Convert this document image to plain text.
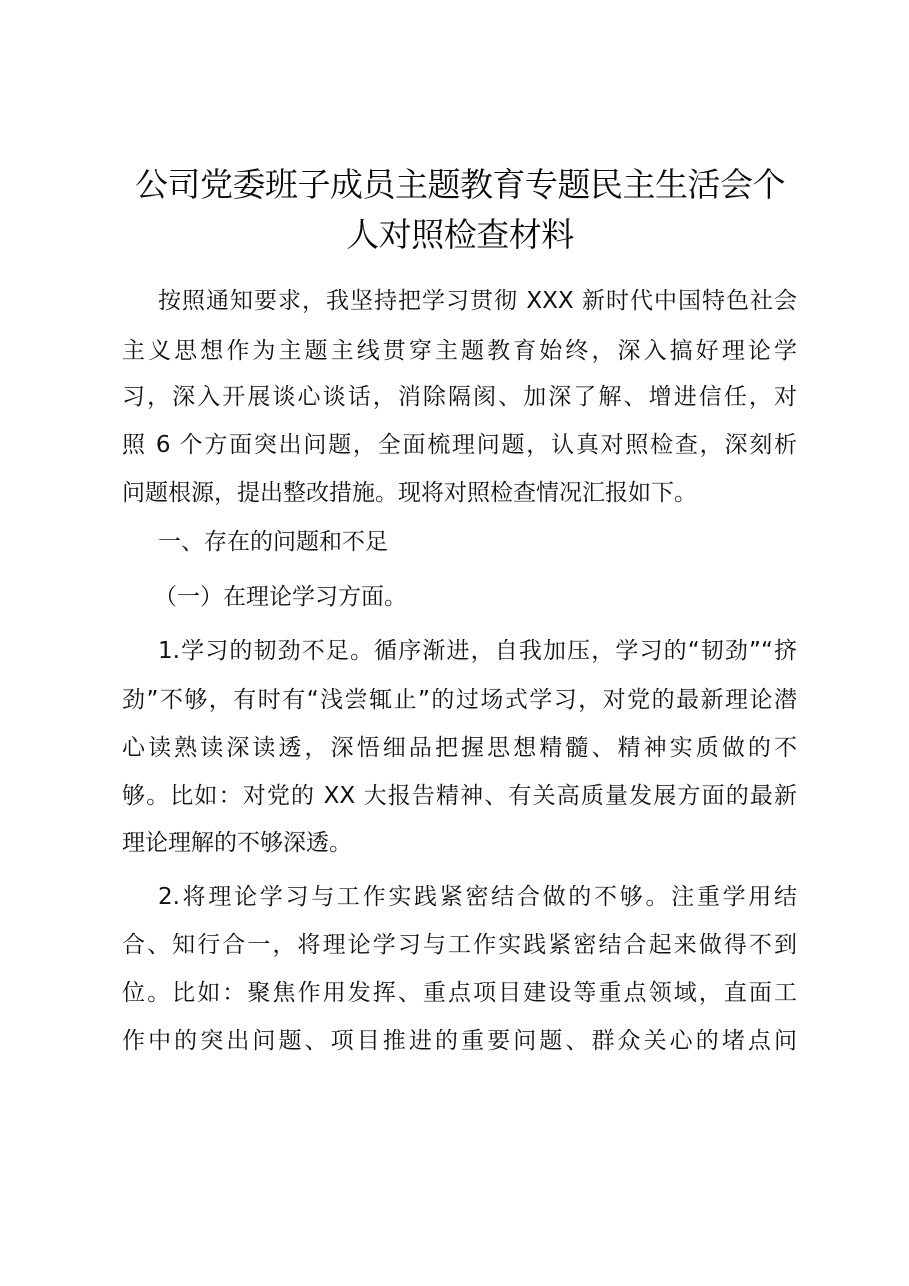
公司党委班子成员主题教育专题民主生活会个
人对照检查材料

按照通知要求，我坚持把学习贯彻 XXX 新时代中国特色社会

主义思想作为主题主线贯穿主题教育始终，深入搞好理论学

习，深入开展谈心谈话，消除隔阂、加深了解、增进信任，对

照 6 个方面突出问题，全面梳理问题，认真对照检查，深刻析

问题根源，提出整改措施。现将对照检查情况汇报如下。

一、存在的问题和不足

（一）在理论学习方面。

1.学习的韧劲不足。循序渐进，自我加压，学习的“韧劲”“挤

劲”不够，有时有“浅尝辄止”的过场式学习，对党的最新理论潜

心读熟读深读透，深悟细品把握思想精髓、精神实质做的不

够。比如：对党的 XX 大报告精神、有关高质量发展方面的最新

理论理解的不够深透。

2.将理论学习与工作实践紧密结合做的不够。注重学用结

合、知行合一，将理论学习与工作实践紧密结合起来做得不到

位。比如：聚焦作用发挥、重点项目建设等重点领域，直面工

作中的突出问题、项目推进的重要问题、群众关心的堵点问
